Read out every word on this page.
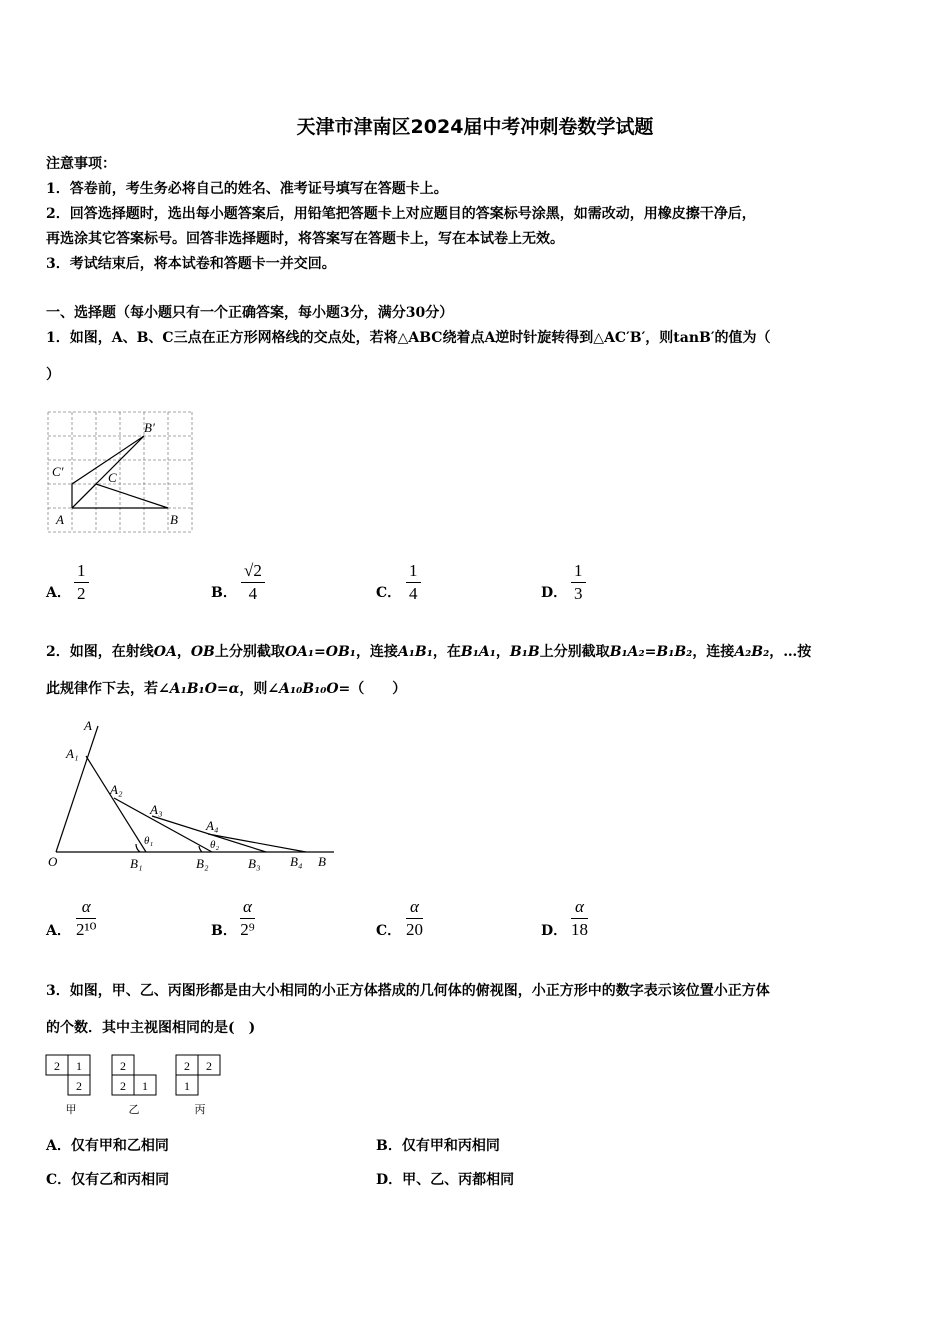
天津市津南区2024届中考冲刺卷数学试题
注意事项：
1．答卷前，考生务必将自己的姓名、准考证号填写在答题卡上。
2．回答选择题时，选出每小题答案后，用铅笔把答题卡上对应题目的答案标号涂黑，如需改动，用橡皮擦干净后，
再选涂其它答案标号。回答非选择题时，将答案写在答题卡上，写在本试卷上无效。
3．考试结束后，将本试卷和答题卡一并交回。
一、选择题（每小题只有一个正确答案，每小题3分，满分30分）
1．如图，A、B、C三点在正方形网格线的交点处，若将△ABC绕着点A逆时针旋转得到△AC′B′，则tanB′的值为（
）
A	B
C
C′
B′
A． $\frac{1}{2}$	B． $\frac{√2}{4}$	C． $\frac{1}{4}$	D． $\frac{1}{3}$
2．如图，在射线OA，OB上分别截取OA₁=OB₁，连接A₁B₁，在B₁A₁，B₁B上分别截取B₁A₂=B₁B₂，连接A₂B₂，…按
此规律作下去，若∠A₁B₁O=α，则∠A₁₀B₁₀O=（　　）
A
A₁
A₂
A₃
A₄
O	B₁	B₂	B₃ B₄ B
θ₁	θ₂
A． $\frac{\alpha}{\text{2¹⁰}}$	B． $\frac{\alpha}{\text{2⁹}}$	C． $\frac{\alpha}{20}$	D． $\frac{\alpha}{18}$
3．如图，甲、乙、丙图形都是由大小相同的小正方体搭成的几何体的俯视图，小正方形中的数字表示该位置小正方体
的个数．其中主视图相同的是(　)
2 1
2
2
2 1
2 2
1
甲	乙	丙
A．仅有甲和乙相同	B．仅有甲和丙相同
C．仅有乙和丙相同	D．甲、乙、丙都相同
